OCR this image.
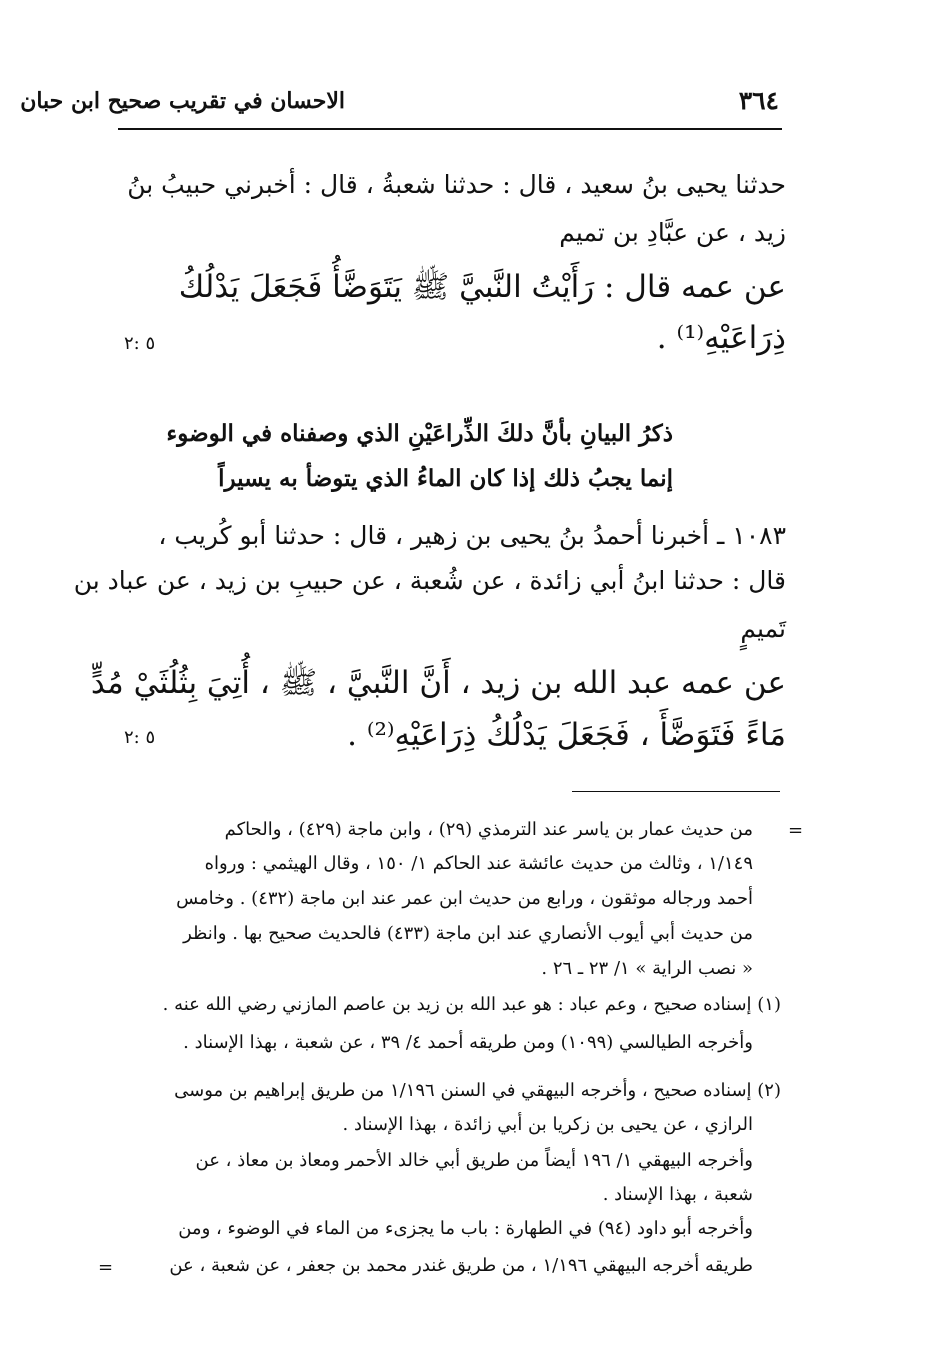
٣٦٤
الاحسان في تقريب صحيح ابن حبان

حدثنا يحيى بنُ سعيد ، قال : حدثنا شعبةُ ، قال : أخبرني حبيبُ بنُ

زيد ، عن عبَّادِ بن تميم

عن عمه قال : رَأَيْتُ النَّبيَّ ﷺ يَتَوَضَّأُ فَجَعَلَ يَدْلُكُ

ذِرَاعَيْهِ⁽¹⁾ .

٥ :٢

ذكرُ البيانِ بأنَّ دلكَ الذِّراعَيْنِ الذي وصفناه في الوضوء

إنما يجبُ ذلك إذا كان الماءُ الذي يتوضأ به يسيراً

١٠٨٣ ـ أخبرنا أحمدُ بنُ يحيى بن زهير ، قال : حدثنا أبو كُريب ،

قال : حدثنا ابنُ أبي زائدة ، عن شُعبة ، عن حبيبِ بن زيد ، عن عباد بن

تَميمٍ

عن عمه عبد الله بن زيد ، أَنَّ النَّبيَّ ، ﷺ ، أُتِيَ بِثُلُثَيْ مُدٍّ

مَاءً فَتَوَضَّأَ ، فَجَعَلَ يَدْلُكُ ذِرَاعَيْهِ⁽²⁾ .

٥ :٢

=

من حديث عمار بن ياسر عند الترمذي (٢٩) ، وابن ماجة (٤٢٩) ، والحاكم

١/١٤٩ ، وثالث من حديث عائشة عند الحاكم ١/ ١٥٠ ، وقال الهيثمي : ورواه

أحمد ورجاله موثقون ، ورابع من حديث ابن عمر عند ابن ماجة (٤٣٢) . وخامس

من حديث أبي أيوب الأنصاري عند ابن ماجة (٤٣٣) فالحديث صحيح بها . وانظر

« نصب الراية » ١/ ٢٣ ـ ٢٦ .

(١) إسناده صحيح ، وعم عباد : هو عبد الله بن زيد بن عاصم المازني رضي الله عنه .

وأخرجه الطيالسي (١٠٩٩) ومن طريقه أحمد ٤/ ٣٩ ، عن شعبة ، بهذا الإسناد .

(٢) إسناده صحيح ، وأخرجه البيهقي في السنن ١/١٩٦ من طريق إبراهيم بن موسى

الرازي ، عن يحيى بن زكريا بن أبي زائدة ، بهذا الإسناد .

وأخرجه البيهقي ١/ ١٩٦ أيضاً من طريق أبي خالد الأحمر ومعاذ بن معاذ ، عن

شعبة ، بهذا الإسناد .

وأخرجه أبو داود (٩٤) في الطهارة : باب ما يجزىء من الماء في الوضوء ، ومن

طريقه أخرجه البيهقي ١/١٩٦ ، من طريق غندر محمد بن جعفر ، عن شعبة ، عن

=
